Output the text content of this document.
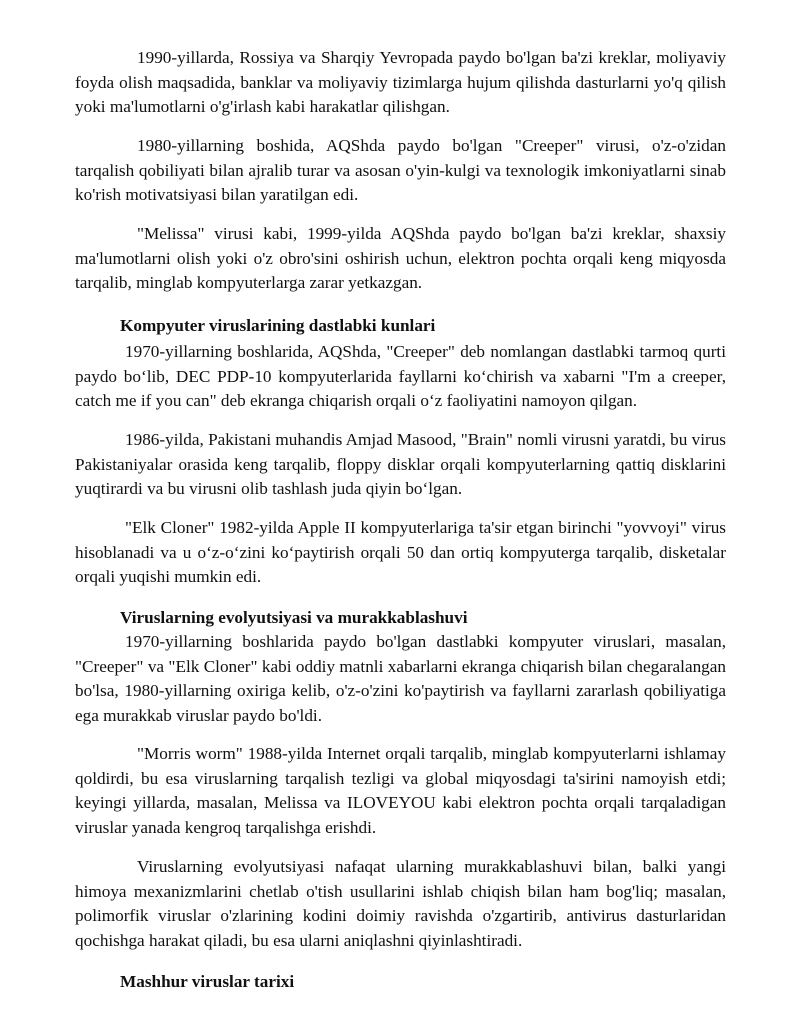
1990-yillarda, Rossiya va Sharqiy Yevropada paydo bo'lgan ba'zi kreklar, moliyaviy foyda olish maqsadida, banklar va moliyaviy tizimlarga hujum qilishda dasturlarni yo'q qilish yoki ma'lumotlarni o'g'irlash kabi harakatlar qilishgan.

1980-yillarning boshida, AQShda paydo bo'lgan "Creeper" virusi, o'z-o'zidan tarqalish qobiliyati bilan ajralib turar va asosan o'yin-kulgi va texnologik imkoniyatlarni sinab ko'rish motivatsiyasi bilan yaratilgan edi.

"Melissa" virusi kabi, 1999-yilda AQShda paydo bo'lgan ba'zi kreklar, shaxsiy ma'lumotlarni olish yoki o'z obro'sini oshirish uchun, elektron pochta orqali keng miqyosda tarqalib, minglab kompyuterlarga zarar yetkazgan.

Kompyuter viruslarining dastlabki kunlari

1970-yillarning boshlarida, AQShda, "Creeper" deb nomlangan dastlabki tarmoq qurti paydo bo‘lib, DEC PDP-10 kompyuterlarida fayllarni ko‘chirish va xabarni "I'm a creeper, catch me if you can" deb ekranga chiqarish orqali o‘z faoliyatini namoyon qilgan.

1986-yilda, Pakistani muhandis Amjad Masood, "Brain" nomli virusni yaratdi, bu virus Pakistaniyalar orasida keng tarqalib, floppy disklar orqali kompyuterlarning qattiq disklarini yuqtirardi va bu virusni olib tashlash juda qiyin bo‘lgan.

"Elk Cloner" 1982-yilda Apple II kompyuterlariga ta'sir etgan birinchi "yovvoyi" virus hisoblanadi va u o‘z-o‘zini ko‘paytirish orqali 50 dan ortiq kompyuterga tarqalib, disketalar orqali yuqishi mumkin edi.

Viruslarning evolyutsiyasi va murakkablashuvi

1970-yillarning boshlarida paydo bo'lgan dastlabki kompyuter viruslari, masalan, "Creeper" va "Elk Cloner" kabi oddiy matnli xabarlarni ekranga chiqarish bilan chegaralangan bo'lsa, 1980-yillarning oxiriga kelib, o'z-o'zini ko'paytirish va fayllarni zararlash qobiliyatiga ega murakkab viruslar paydo bo'ldi.

"Morris worm" 1988-yilda Internet orqali tarqalib, minglab kompyuterlarni ishlamay qoldirdi, bu esa viruslarning tarqalish tezligi va global miqyosdagi ta'sirini namoyish etdi; keyingi yillarda, masalan, Melissa va ILOVEYOU kabi elektron pochta orqali tarqaladigan viruslar yanada kengroq tarqalishga erishdi.

Viruslarning evolyutsiyasi nafaqat ularning murakkablashuvi bilan, balki yangi himoya mexanizmlarini chetlab o'tish usullarini ishlab chiqish bilan ham bog'liq; masalan, polimorfik viruslar o'zlarining kodini doimiy ravishda o'zgartirib, antivirus dasturlaridan qochishga harakat qiladi, bu esa ularni aniqlashni qiyinlashtiradi.

Mashhur viruslar tarixi
